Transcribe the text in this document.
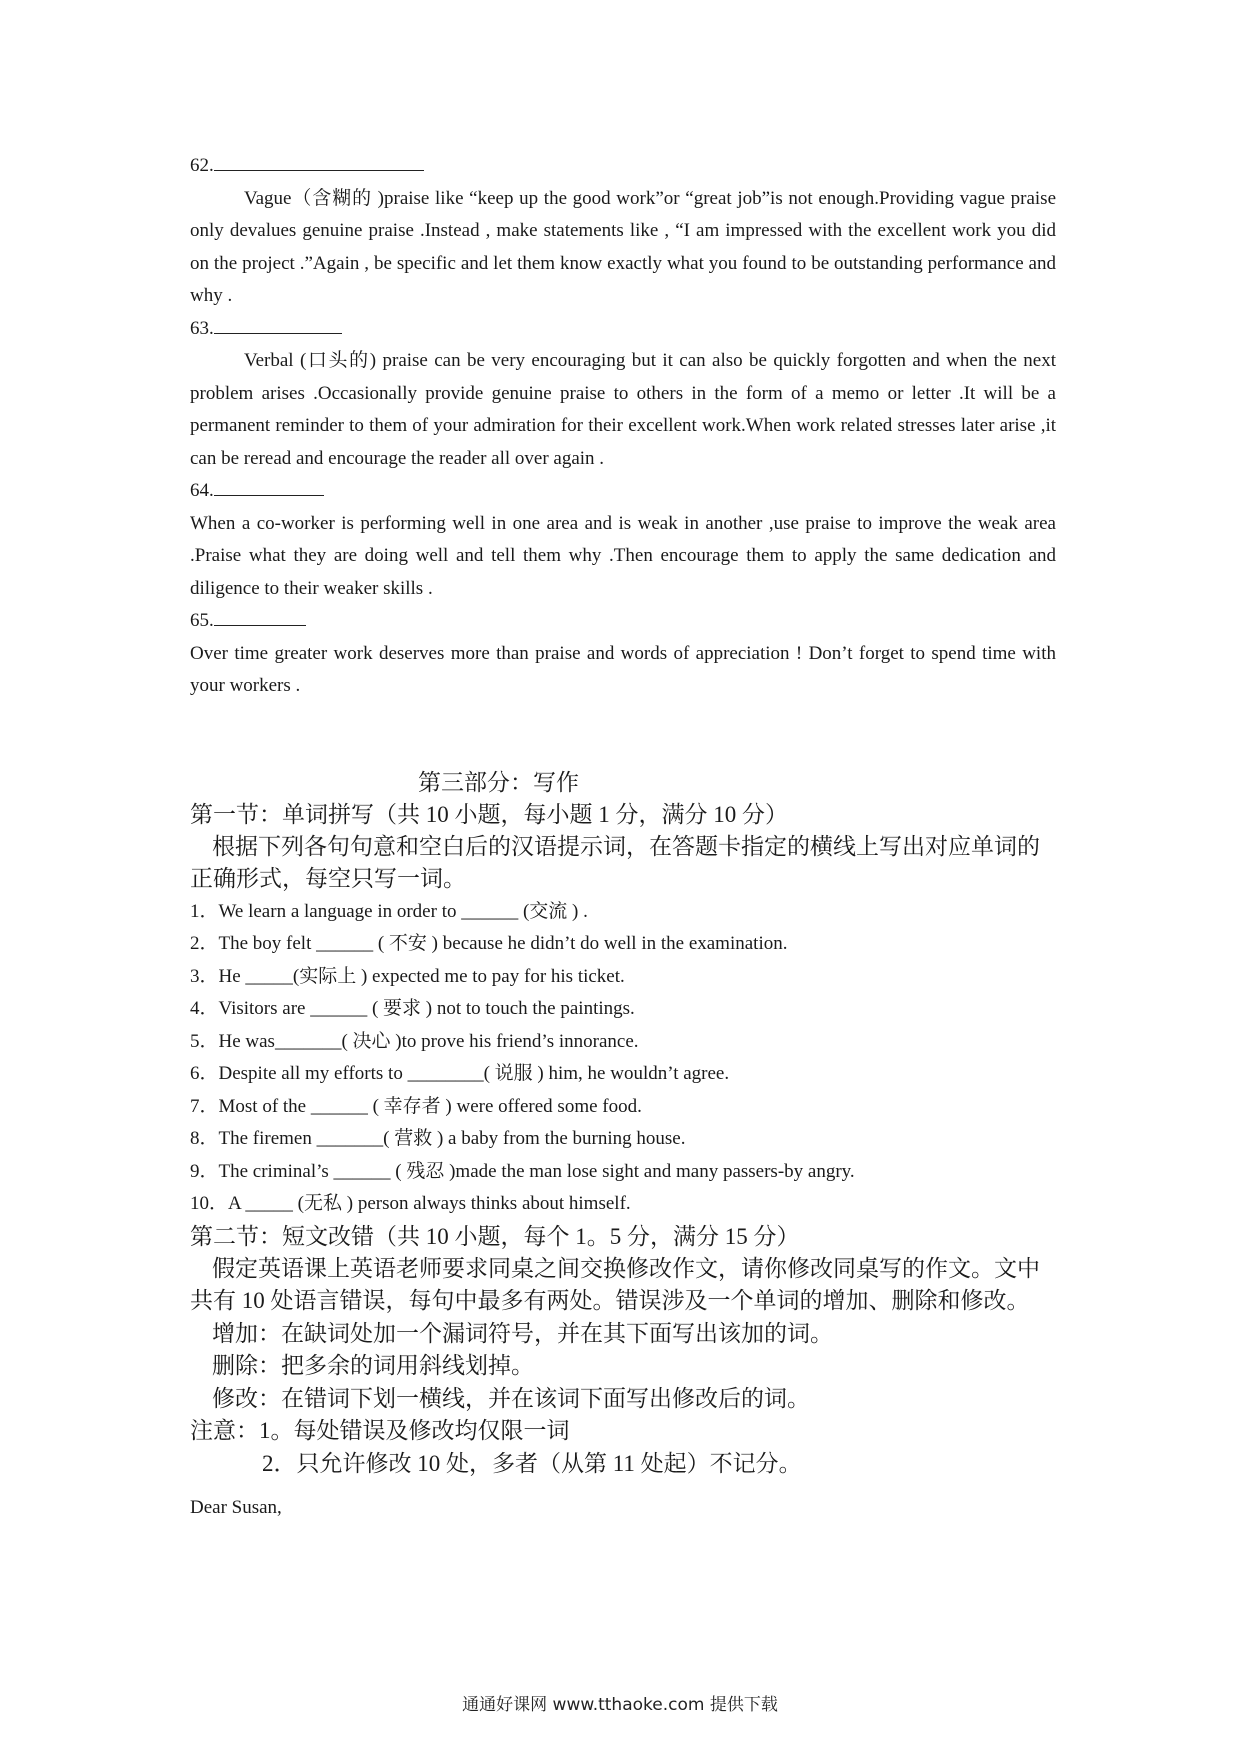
62.

Vague（含糊的 )praise like “keep up the good work”or “great job”is not enough.Providing vague praise only devalues genuine praise .Instead , make statements like , “I am impressed with the excellent work you did on the project .”Again , be specific and let them know exactly what you found to be outstanding performance and why .

63.

Verbal (口头的) praise can be very encouraging but it can also be quickly forgotten and when the next problem arises .Occasionally provide genuine praise to others in the form of a memo or letter .It will be a permanent reminder to them of your admiration for their excellent work.When work related stresses later arise ,it can be reread and encourage the reader all over again .

64.

When a co-worker is performing well in one area and is weak in another ,use praise to improve the weak area .Praise what they are doing well and tell them why .Then encourage them to apply the same dedication and diligence to their weaker skills .

65.

Over time greater work deserves more than praise and words of appreciation ! Don’t forget to spend time with your workers .

第三部分：写作

第一节：单词拼写（共 10 小题，每小题 1 分，满分 10 分）

根据下列各句句意和空白后的汉语提示词，在答题卡指定的横线上写出对应单词的正确形式，每空只写一词。

1．We learn a language in order to ______ (交流 ) .
2．The boy felt ______ ( 不安 ) because he didn’t do well in the examination.
3．He _____(实际上 ) expected me to pay for his ticket.
4．Visitors are ______ ( 要求 ) not to touch the paintings.
5．He was_______( 决心 )to prove his friend’s innorance.
6．Despite all my efforts to ________( 说服 ) him, he wouldn’t agree.
7．Most of the ______ ( 幸存者 ) were offered some food.
8．The firemen _______( 营救 ) a baby from the burning house.
9．The criminal’s ______ ( 残忍 )made the man lose sight and many passers-by angry.
10．A _____ (无私 ) person always thinks about himself.

第二节：短文改错（共 10 小题，每个 1。5 分，满分 15 分）

假定英语课上英语老师要求同桌之间交换修改作文，请你修改同桌写的作文。文中共有 10 处语言错误，每句中最多有两处。错误涉及一个单词的增加、删除和修改。

增加：在缺词处加一个漏词符号，并在其下面写出该加的词。

删除：把多余的词用斜线划掉。

修改：在错词下划一横线，并在该词下面写出修改后的词。

注意：1。每处错误及修改均仅限一词

2．只允许修改 10 处，多者（从第 11 处起）不记分。

Dear Susan,

通通好课网 www.tthaoke.com 提供下载
